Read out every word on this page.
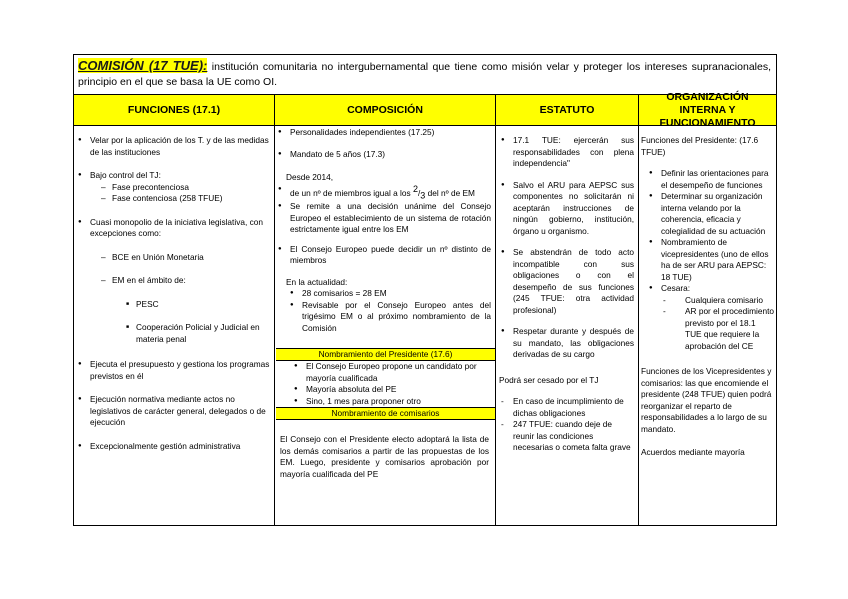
COMISIÓN (17 TUE): institución comunitaria no intergubernamental que tiene como misión velar y proteger los intereses supranacionales, principio en el que se basa la UE como OI.
FUNCIONES (17.1)	COMPOSICIÓN	ESTATUTO
ORGANIZACIÓN INTERNA Y FUNCIONAMIENTO
● Velar por la aplicación de los T. y de las medidas de las instituciones
● Bajo control del TJ:
– Fase precontenciosa
– Fase contenciosa (258 TFUE)
● Cuasi monopolio de la iniciativa legislativa, con excepciones como:
– BCE en Unión Monetaria
– EM en el ámbito de:
■ PESC
■ Cooperación Policial y Judicial en materia penal
● Ejecuta el presupuesto y gestiona los programas previstos en él
● Ejecución normativa mediante actos no legislativos de carácter general, delegados o de ejecución
● Excepcionalmente gestión administrativa
● Personalidades independientes (17.25)
● Mandato de 5 años (17.3)
Desde 2014,
● de un nº de miembros igual a los $^2/_3$ del nº de EM
● Se remite a una decisión unánime del Consejo Europeo el establecimiento de un sistema de rotación estrictamente igual entre los EM
● El Consejo Europeo puede decidir un nº distinto de miembros
En la actualidad:
● 28 comisarios = 28 EM
● Revisable por el Consejo Europeo antes del trigésimo EM o al próximo nombramiento de la Comisión
Nombramiento del Presidente (17.6)
● El Consejo Europeo propone un candidato por mayoría cualificada
● Mayoría absoluta del PE
● Sino, 1 mes para proponer otro
Nombramiento de comisarios
El Consejo con el Presidente electo adoptará la lista de los demás comisarios a partir de las propuestas de los EM. Luego, presidente y comisarios aprobación por mayoría cualificada del PE
● 17.1 TUE: ejercerán sus responsabilidades con plena independencia"
● Salvo el ARU para AEPSC sus componentes no solicitarán ni aceptarán instrucciones de ningún gobierno, institución, órgano u organismo.
● Se abstendrán de todo acto incompatible con sus obligaciones o con el desempeño de sus funciones (245 TFUE: otra actividad profesional)
● Respetar durante y después de su mandato, las obligaciones derivadas de su cargo
Podrá ser cesado por el TJ
- En caso de incumplimiento de dichas obligaciones
- 247 TFUE: cuando deje de reunir las condiciones necesarias o cometa falta grave
Funciones del Presidente: (17.6 TFUE)
● Definir las orientaciones para el desempeño de funciones
● Determinar su organización interna velando por la coherencia, eficacia y colegialidad de su actuación
● Nombramiento de vicepresidentes (uno de ellos ha de ser ARU para AEPSC: 18 TUE)
● Cesara:
- Cualquiera comisario
- AR por el procedimiento previsto por el 18.1 TUE que requiere la aprobación del CE
Funciones de los Vicepresidentes y comisarios: las que encomiende el presidente (248 TFUE) quien podrá reorganizar el reparto de responsabilidades a lo largo de su mandato.
Acuerdos mediante mayoría
